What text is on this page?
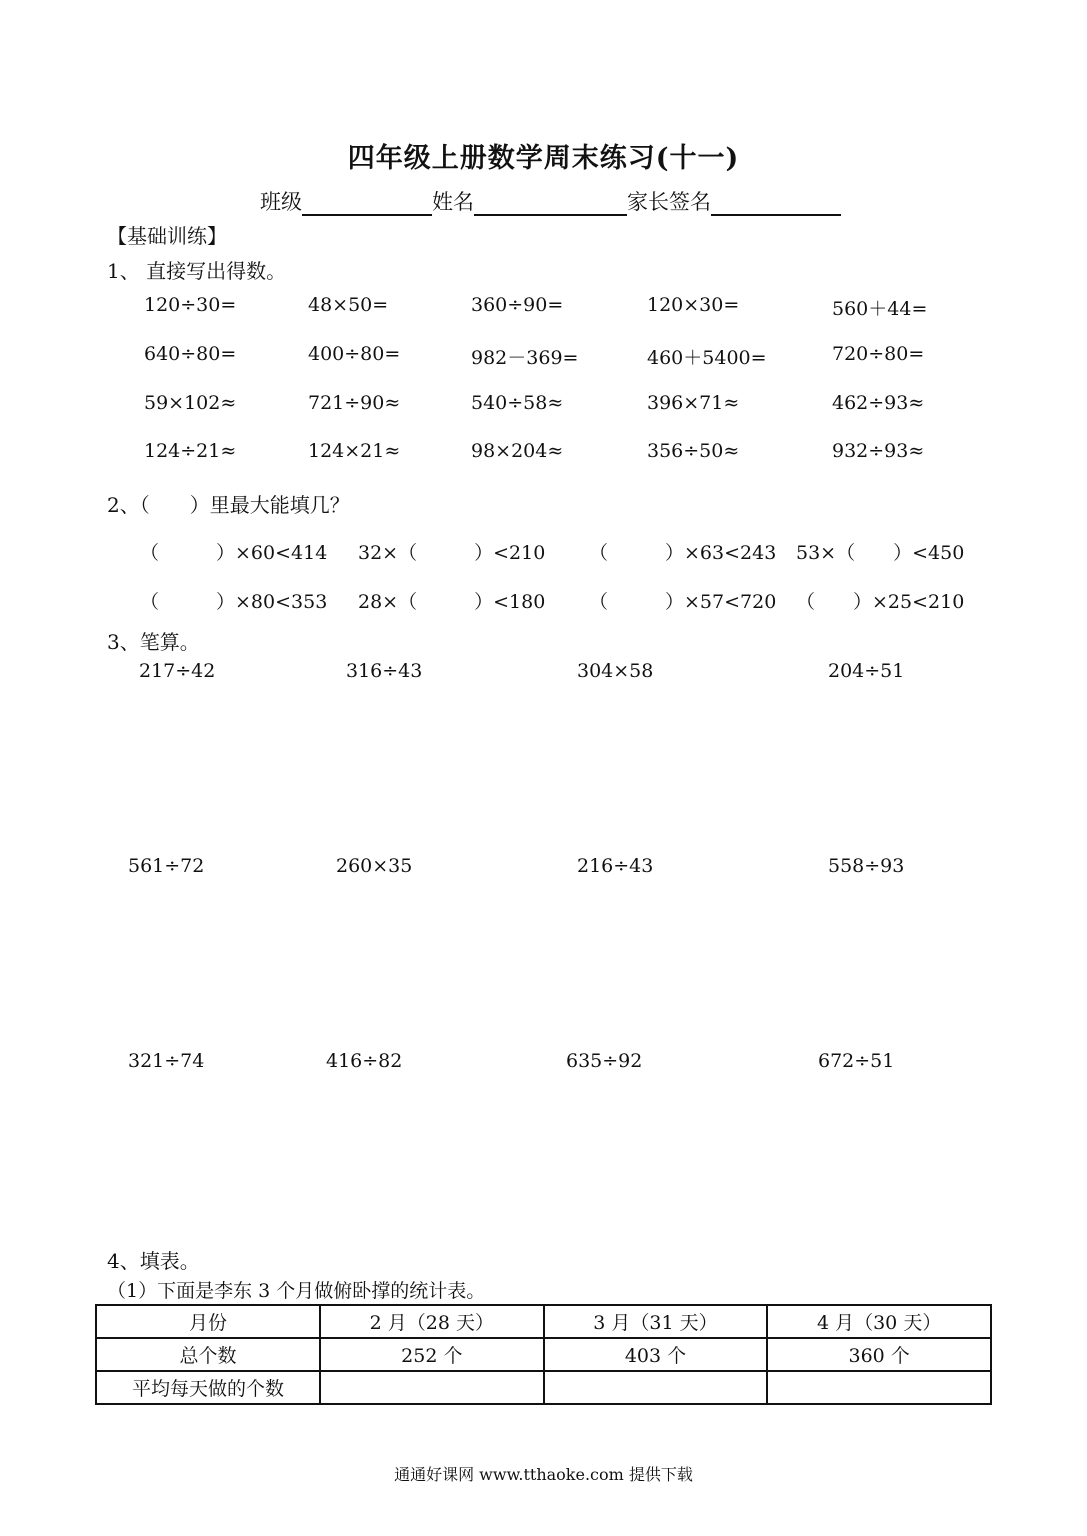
四年级上册数学周末练习(十一)
班级	姓名	家长签名
【基础训练】
1、 直接写出得数。
120÷30=	48×50=	360÷90=	120×30=	560＋44=
640÷80=	400÷80=	982－369=	460＋5400=	720÷80=
59×102≈	721÷90≈	540÷58≈	396×71≈	462÷93≈
124÷21≈	124×21≈	98×204≈	356÷50≈	932÷93≈
2、（　　）里最大能填几？
（　　　）×60<414 32×（　　　）<210 （　　　）×63<243 53×（　　）<450
（　　　）×80<353 28×（　　　）<180 （　　　）×57<720 （　　）×25<210
3、笔算。
217÷42	316÷43	304×58	204÷51
561÷72	260×35	216÷43	558÷93
321÷74	416÷82	635÷92	672÷51
4、填表。
（1）下面是李东 3 个月做俯卧撑的统计表。
月份	2 月（28 天）	3 月（31 天）	4 月（30 天）
总个数	252 个	403 个	360 个
平均每天做的个数			
通通好课网 www.tthaoke.com 提供下载
